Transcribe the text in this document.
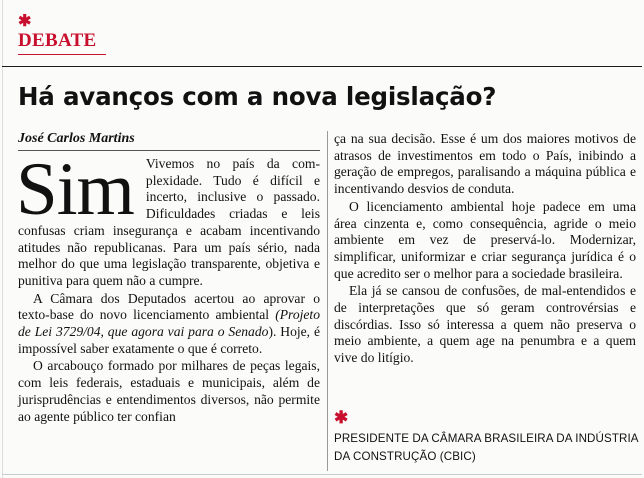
✱
DEBATE
Há avanços com a nova legislação?
José Carlos Martins

Sim Vivemos no país da complexidade. Tudo é difícil e incerto, inclusive o passado. Dificuldades criadas e leis confusas criam insegurança e acabam incentivando atitudes não republicanas. Para um país sério, nada melhor do que uma legislação transparente, objetiva e punitiva para quem não a cumpre.

A Câmara dos Deputados acertou ao aprovar o texto-base do novo licenciamento ambiental (Projeto de Lei 3729/04, que agora vai para o Senado). Hoje, é impossível saber exatamente o que é correto.

O arcabouço formado por milhares de peças legais, com leis federais, estaduais e municipais, além de jurisprudências e entendimentos diversos, não permite ao agente público ter confian

ça na sua decisão. Esse é um dos maiores motivos de atrasos de investimentos em todo o País, inibindo a geração de empregos, paralisando a máquina pública e incentivando desvios de conduta.

O licenciamento ambiental hoje padece em uma área cinzenta e, como consequência, agride o meio ambiente em vez de preservá-lo. Modernizar, simplificar, uniformizar e criar segurança jurídica é o que acredito ser o melhor para a sociedade brasileira.

Ela já se cansou de confusões, de mal-entendidos e de interpretações que só geram controvérsias e discórdias. Isso só interessa a quem não preserva o meio ambiente, a quem age na penumbra e a quem vive do litígio.

✱
PRESIDENTE DA CÂMARA BRASILEIRA DA INDÚSTRIA DA CONSTRUÇÃO (CBIC)
